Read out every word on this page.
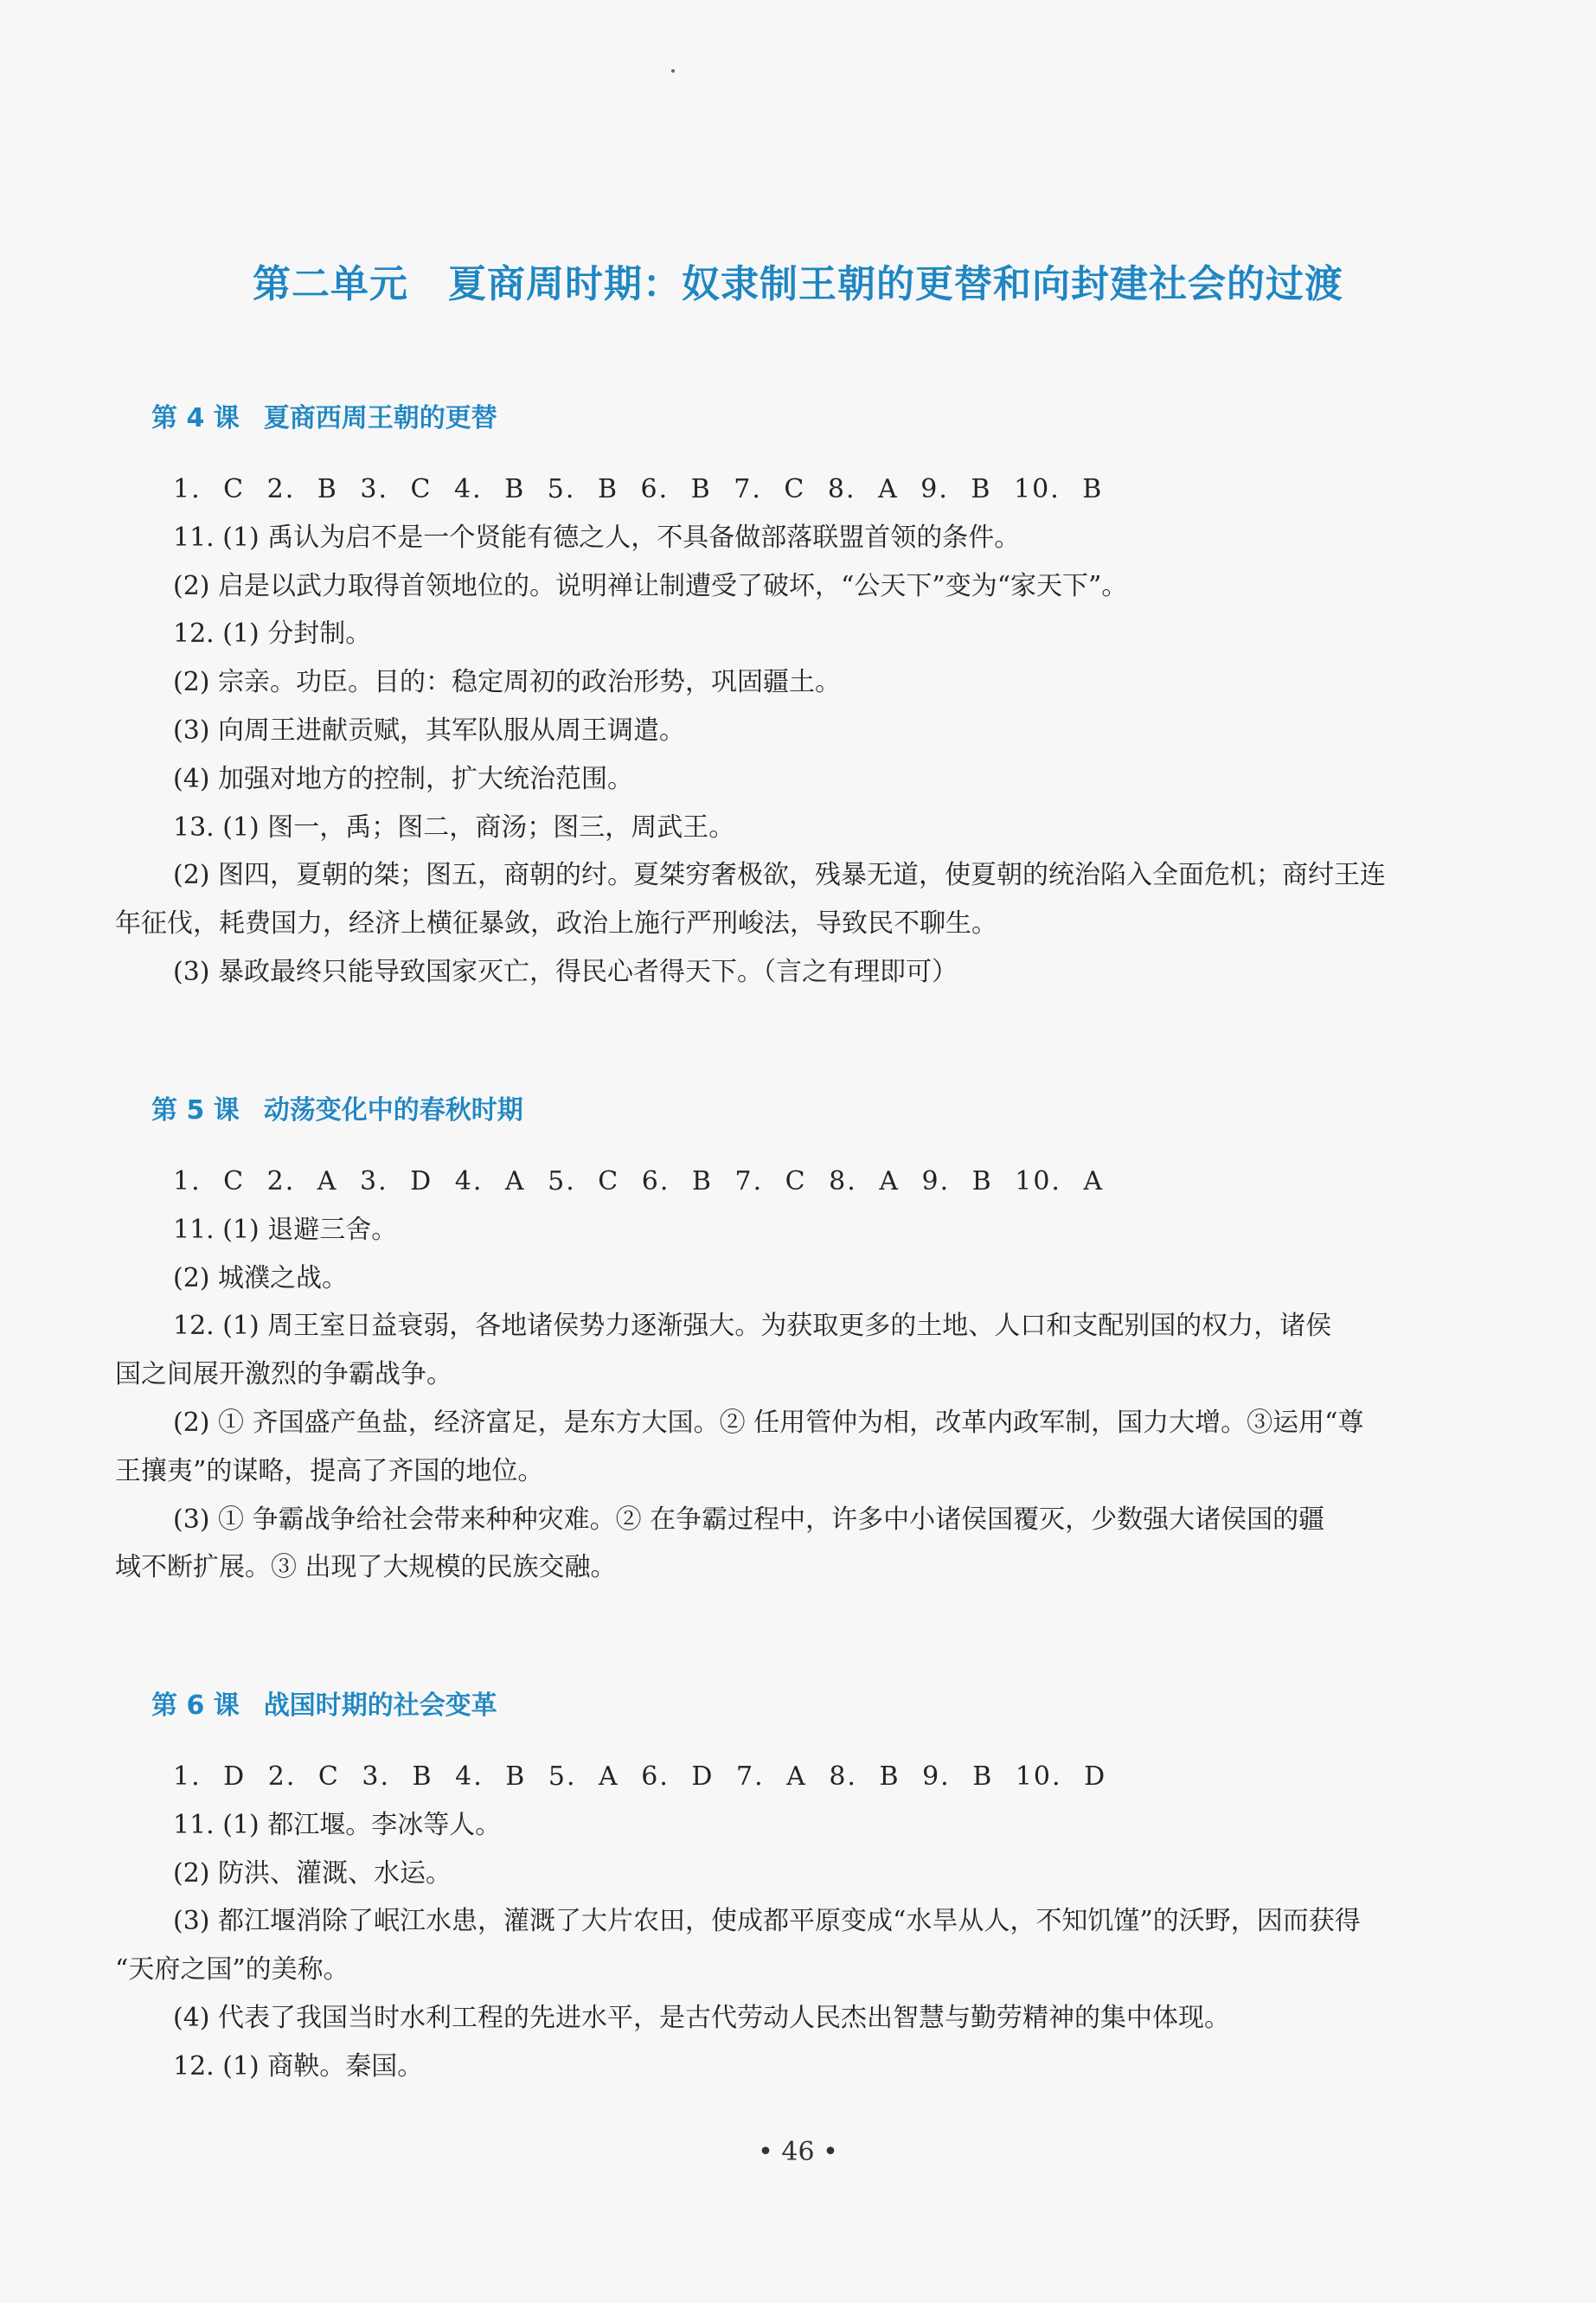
第二单元 夏商周时期：奴隶制王朝的更替和向封建社会的过渡
第 4 课 夏商西周王朝的更替
1. C 2. B 3. C 4. B 5. B 6. B 7. C 8. A 9. B 10. B
11. (1) 禹认为启不是一个贤能有德之人，不具备做部落联盟首领的条件。
(2) 启是以武力取得首领地位的。说明禅让制遭受了破坏，“公天下”变为“家天下”。
12. (1) 分封制。
(2) 宗亲。功臣。目的：稳定周初的政治形势，巩固疆土。
(3) 向周王进献贡赋，其军队服从周王调遣。
(4) 加强对地方的控制，扩大统治范围。
13. (1) 图一，禹；图二，商汤；图三，周武王。
(2) 图四，夏朝的桀；图五，商朝的纣。夏桀穷奢极欲，残暴无道，使夏朝的统治陷入全面危机；商纣王连
年征伐，耗费国力，经济上横征暴敛，政治上施行严刑峻法，导致民不聊生。
(3) 暴政最终只能导致国家灭亡，得民心者得天下。（言之有理即可）
第 5 课 动荡变化中的春秋时期
1. C 2. A 3. D 4. A 5. C 6. B 7. C 8. A 9. B 10. A
11. (1) 退避三舍。
(2) 城濮之战。
12. (1) 周王室日益衰弱，各地诸侯势力逐渐强大。为获取更多的土地、人口和支配别国的权力，诸侯
国之间展开激烈的争霸战争。
(2) ① 齐国盛产鱼盐，经济富足，是东方大国。② 任用管仲为相，改革内政军制，国力大增。③运用“尊
王攘夷”的谋略，提高了齐国的地位。
(3) ① 争霸战争给社会带来种种灾难。② 在争霸过程中，许多中小诸侯国覆灭，少数强大诸侯国的疆
域不断扩展。③ 出现了大规模的民族交融。
第 6 课 战国时期的社会变革
1. D 2. C 3. B 4. B 5. A 6. D 7. A 8. B 9. B 10. D
11. (1) 都江堰。李冰等人。
(2) 防洪、灌溉、水运。
(3) 都江堰消除了岷江水患，灌溉了大片农田，使成都平原变成“水旱从人，不知饥馑”的沃野，因而获得
“天府之国”的美称。
(4) 代表了我国当时水利工程的先进水平，是古代劳动人民杰出智慧与勤劳精神的集中体现。
12. (1) 商鞅。秦国。
• 46 •
